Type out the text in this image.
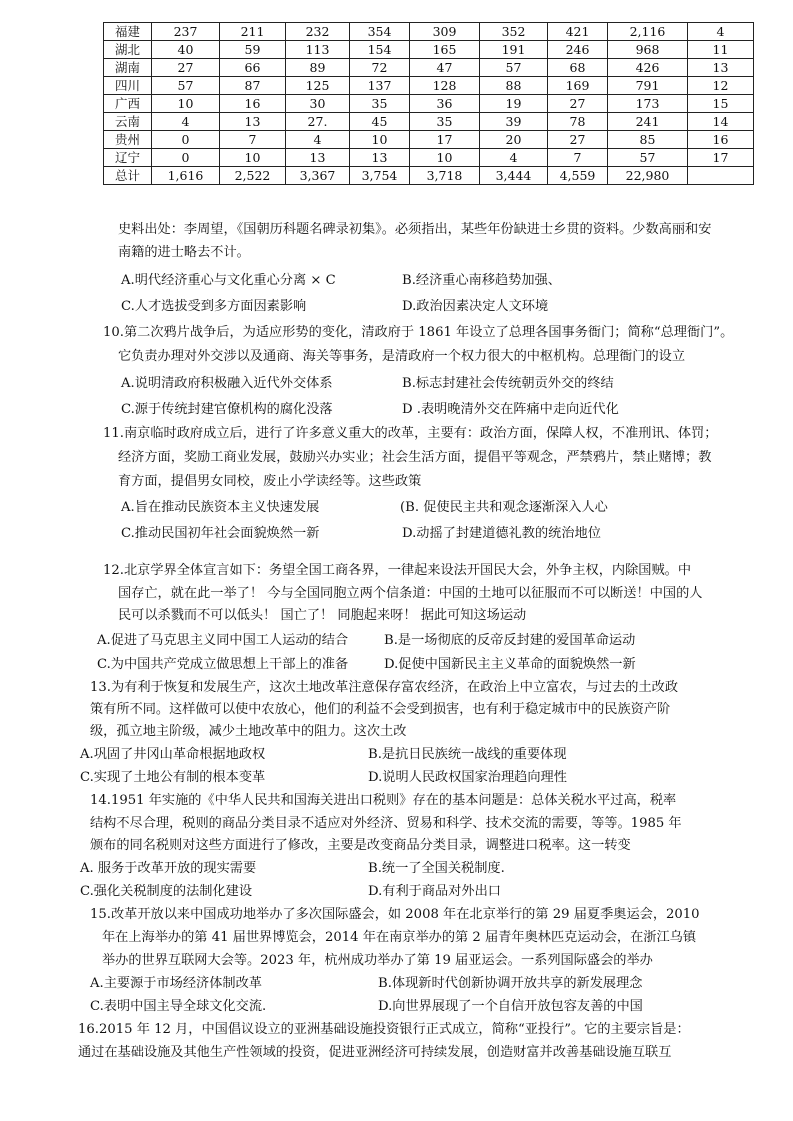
福建	237	211	232	354	309	352	421	2,116	4
湖北	40	59	113	154	165	191	246	968	11
湖南	27	66	89	72	47	57	68	426	13
四川	57	87	125	137	128	88	169	791	12
广西	10	16	30	35	36	19	27	173	15
云南	4	13	27.	45	35	39	78	241	14
贵州	0	7	4	10	17	20	27	85	16
辽宁	0	10	13	13	10	4	7	57	17
总计	1,616	2,522	3,367	3,754	3,718	3,444	4,559	22,980	
史料出处：李周望，《国朝历科题名碑录初集》。必须指出，某些年份缺进士乡贯的资料。少数高丽和安
南籍的进士略去不计。
A.明代经济重心与文化重心分离 × C	B.经济重心南移趋势加强、
C.人才选拔受到多方面因素影响	D.政治因素决定人文环境
10.第二次鸦片战争后，为适应形势的变化，清政府于 1861 年设立了总理各国事务衙门；简称“总理衙门”。
它负责办理对外交涉以及通商、海关等事务，是清政府一个权力很大的中枢机构。总理衙门的设立
A.说明清政府积极融入近代外交体系	B.标志封建社会传统朝贡外交的终结
C.源于传统封建官僚机构的腐化没落	D .表明晚清外交在阵痛中走向近代化
11.南京临时政府成立后，进行了许多意义重大的改革，主要有：政治方面，保障人权，不准刑讯、体罚；
经济方面，奖励工商业发展，鼓励兴办实业；社会生活方面，提倡平等观念，严禁鸦片，禁止赌博；教
育方面，提倡男女同校，废止小学读经等。这些政策
A.旨在推动民族资本主义快速发展	(B. 促使民主共和观念逐渐深入人心
C.推动民国初年社会面貌焕然一新	D.动摇了封建道德礼教的统治地位
12.北京学界全体宣言如下：务望全国工商各界，一律起来设法开国民大会，外争主权，内除国贼。中
国存亡，就在此一举了！ 今与全国同胞立两个信条道：中国的土地可以征服而不可以断送！中国的人
民可以杀戮而不可以低头！ 国亡了！ 同胞起来呀！ 据此可知这场运动
A.促进了马克思主义同中国工人运动的结合	B.是一场彻底的反帝反封建的爱国革命运动
C.为中国共产党成立做思想上干部上的准备	D.促使中国新民主主义革命的面貌焕然一新
13.为有利于恢复和发展生产，这次土地改革注意保存富农经济，在政治上中立富农，与过去的土改政
策有所不同。这样做可以使中农放心，他们的利益不会受到损害，也有利于稳定城市中的民族资产阶
级，孤立地主阶级，减少土地改革中的阻力。这次土改
A.巩固了井冈山革命根据地政权	B.是抗日民族统一战线的重要体现
C.实现了土地公有制的根本变革	D.说明人民政权国家治理趋向理性
14.1951 年实施的《中华人民共和国海关进出口税则》存在的基本问题是：总体关税水平过高，税率
结构不尽合理，税则的商品分类目录不适应对外经济、贸易和科学、技术交流的需要，等等。1985 年
颁布的同名税则对这些方面进行了修改，主要是改变商品分类目录，调整进口税率。这一转变
A. 服务于改革开放的现实需要	B.统一了全国关税制度.
C.强化关税制度的法制化建设	D.有利于商品对外出口
15.改革开放以来中国成功地举办了多次国际盛会，如 2008 年在北京举行的第 29 届夏季奥运会，2010
年在上海举办的第 41 届世界博览会，2014 年在南京举办的第 2 届青年奥林匹克运动会，在浙江乌镇
举办的世界互联网大会等。2023 年，杭州成功举办了第 19 届亚运会。一系列国际盛会的举办
A.主要源于市场经济体制改革	B.体现新时代创新协调开放共享的新发展理念
C.表明中国主导全球文化交流.	D.向世界展现了一个自信开放包容友善的中国
16.2015 年 12 月，中国倡议设立的亚洲基础设施投资银行正式成立，简称“亚投行”。它的主要宗旨是：
通过在基础设施及其他生产性领域的投资，促进亚洲经济可持续发展，创造财富并改善基础设施互联互
